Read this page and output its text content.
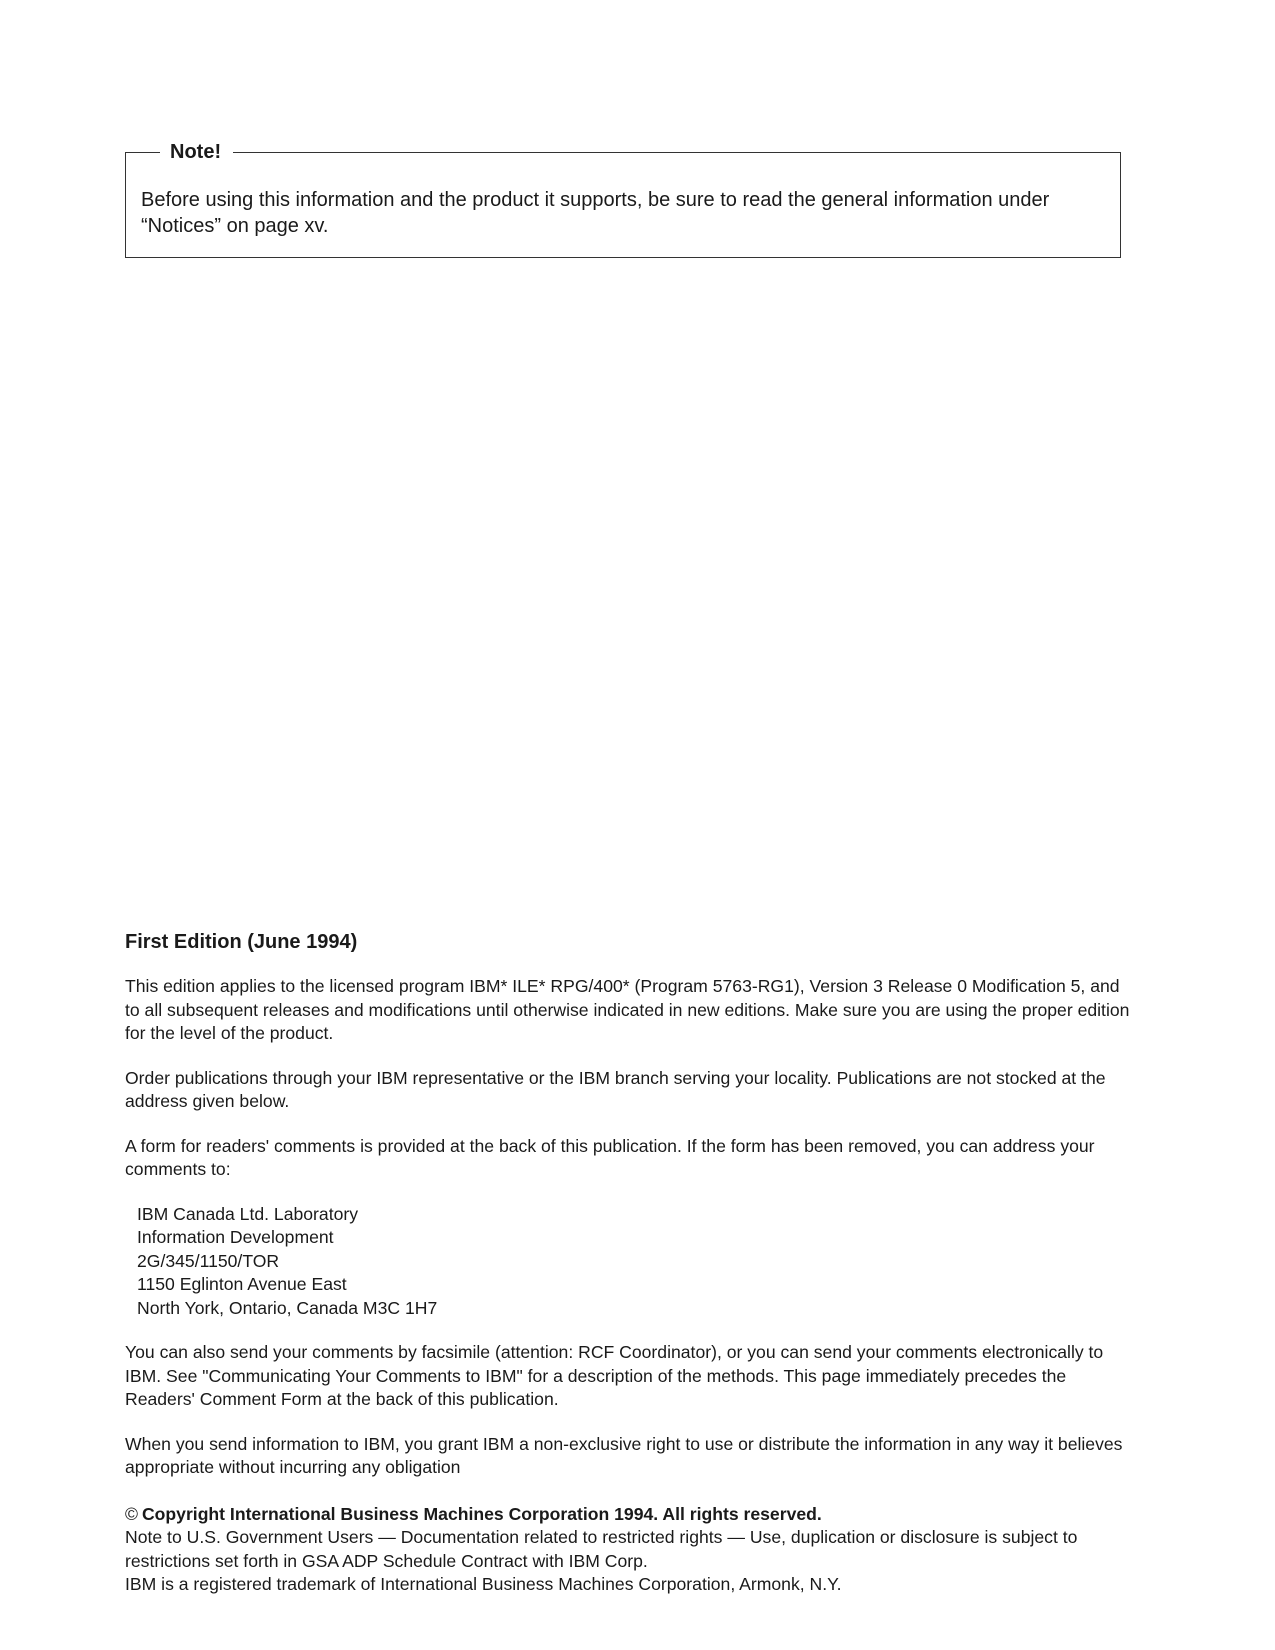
Note!
Before using this information and the product it supports, be sure to read the general information under “Notices” on page xv.
First Edition (June 1994)

This edition applies to the licensed program IBM* ILE* RPG/400* (Program 5763-RG1), Version 3 Release 0 Modification 5, and to all subsequent releases and modifications until otherwise indicated in new editions. Make sure you are using the proper edition for the level of the product.

Order publications through your IBM representative or the IBM branch serving your locality. Publications are not stocked at the address given below.

A form for readers' comments is provided at the back of this publication. If the form has been removed, you can address your comments to:

IBM Canada Ltd. Laboratory
Information Development
2G/345/1150/TOR
1150 Eglinton Avenue East
North York, Ontario, Canada M3C 1H7

You can also send your comments by facsimile (attention: RCF Coordinator), or you can send your comments electronically to IBM. See "Communicating Your Comments to IBM" for a description of the methods. This page immediately precedes the Readers' Comment Form at the back of this publication.

When you send information to IBM, you grant IBM a non-exclusive right to use or distribute the information in any way it believes appropriate without incurring any obligation

© Copyright International Business Machines Corporation 1994. All rights reserved.
Note to U.S. Government Users — Documentation related to restricted rights — Use, duplication or disclosure is subject to restrictions set forth in GSA ADP Schedule Contract with IBM Corp.
IBM is a registered trademark of International Business Machines Corporation, Armonk, N.Y.
